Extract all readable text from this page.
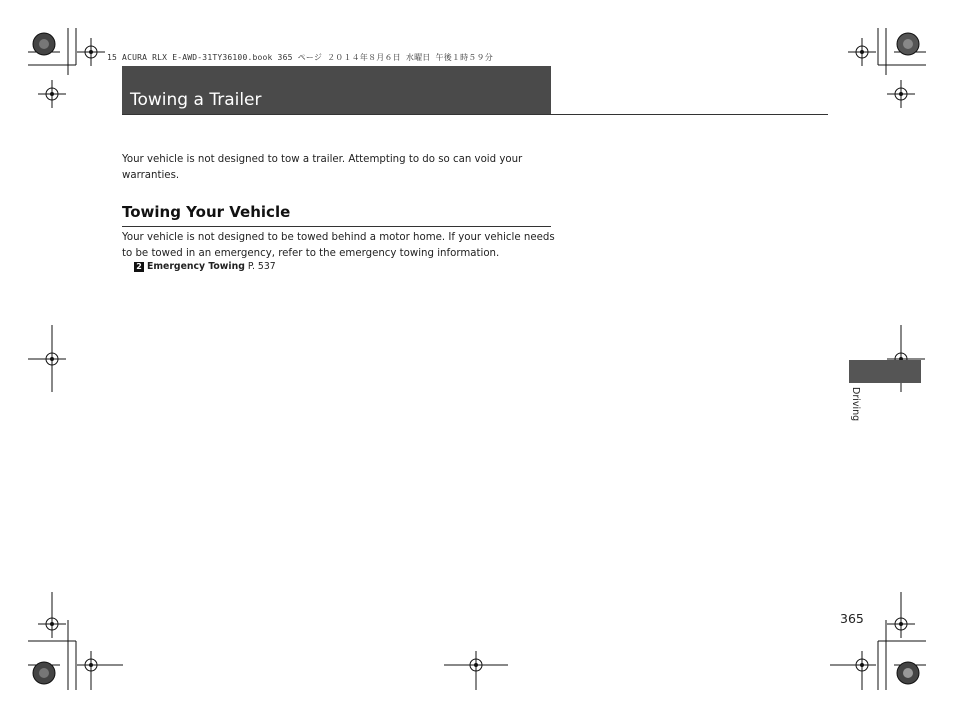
15 ACURA RLX E-AWD-31TY36100.book 365 ページ ２０１４年８月６日 水曜日 午後１時５９分
Towing a Trailer
Your vehicle is not designed to tow a trailer. Attempting to do so can void your warranties.
Towing Your Vehicle
Your vehicle is not designed to be towed behind a motor home. If your vehicle needs to be towed in an emergency, refer to the emergency towing information.
2 Emergency Towing P. 537
Driving
365
